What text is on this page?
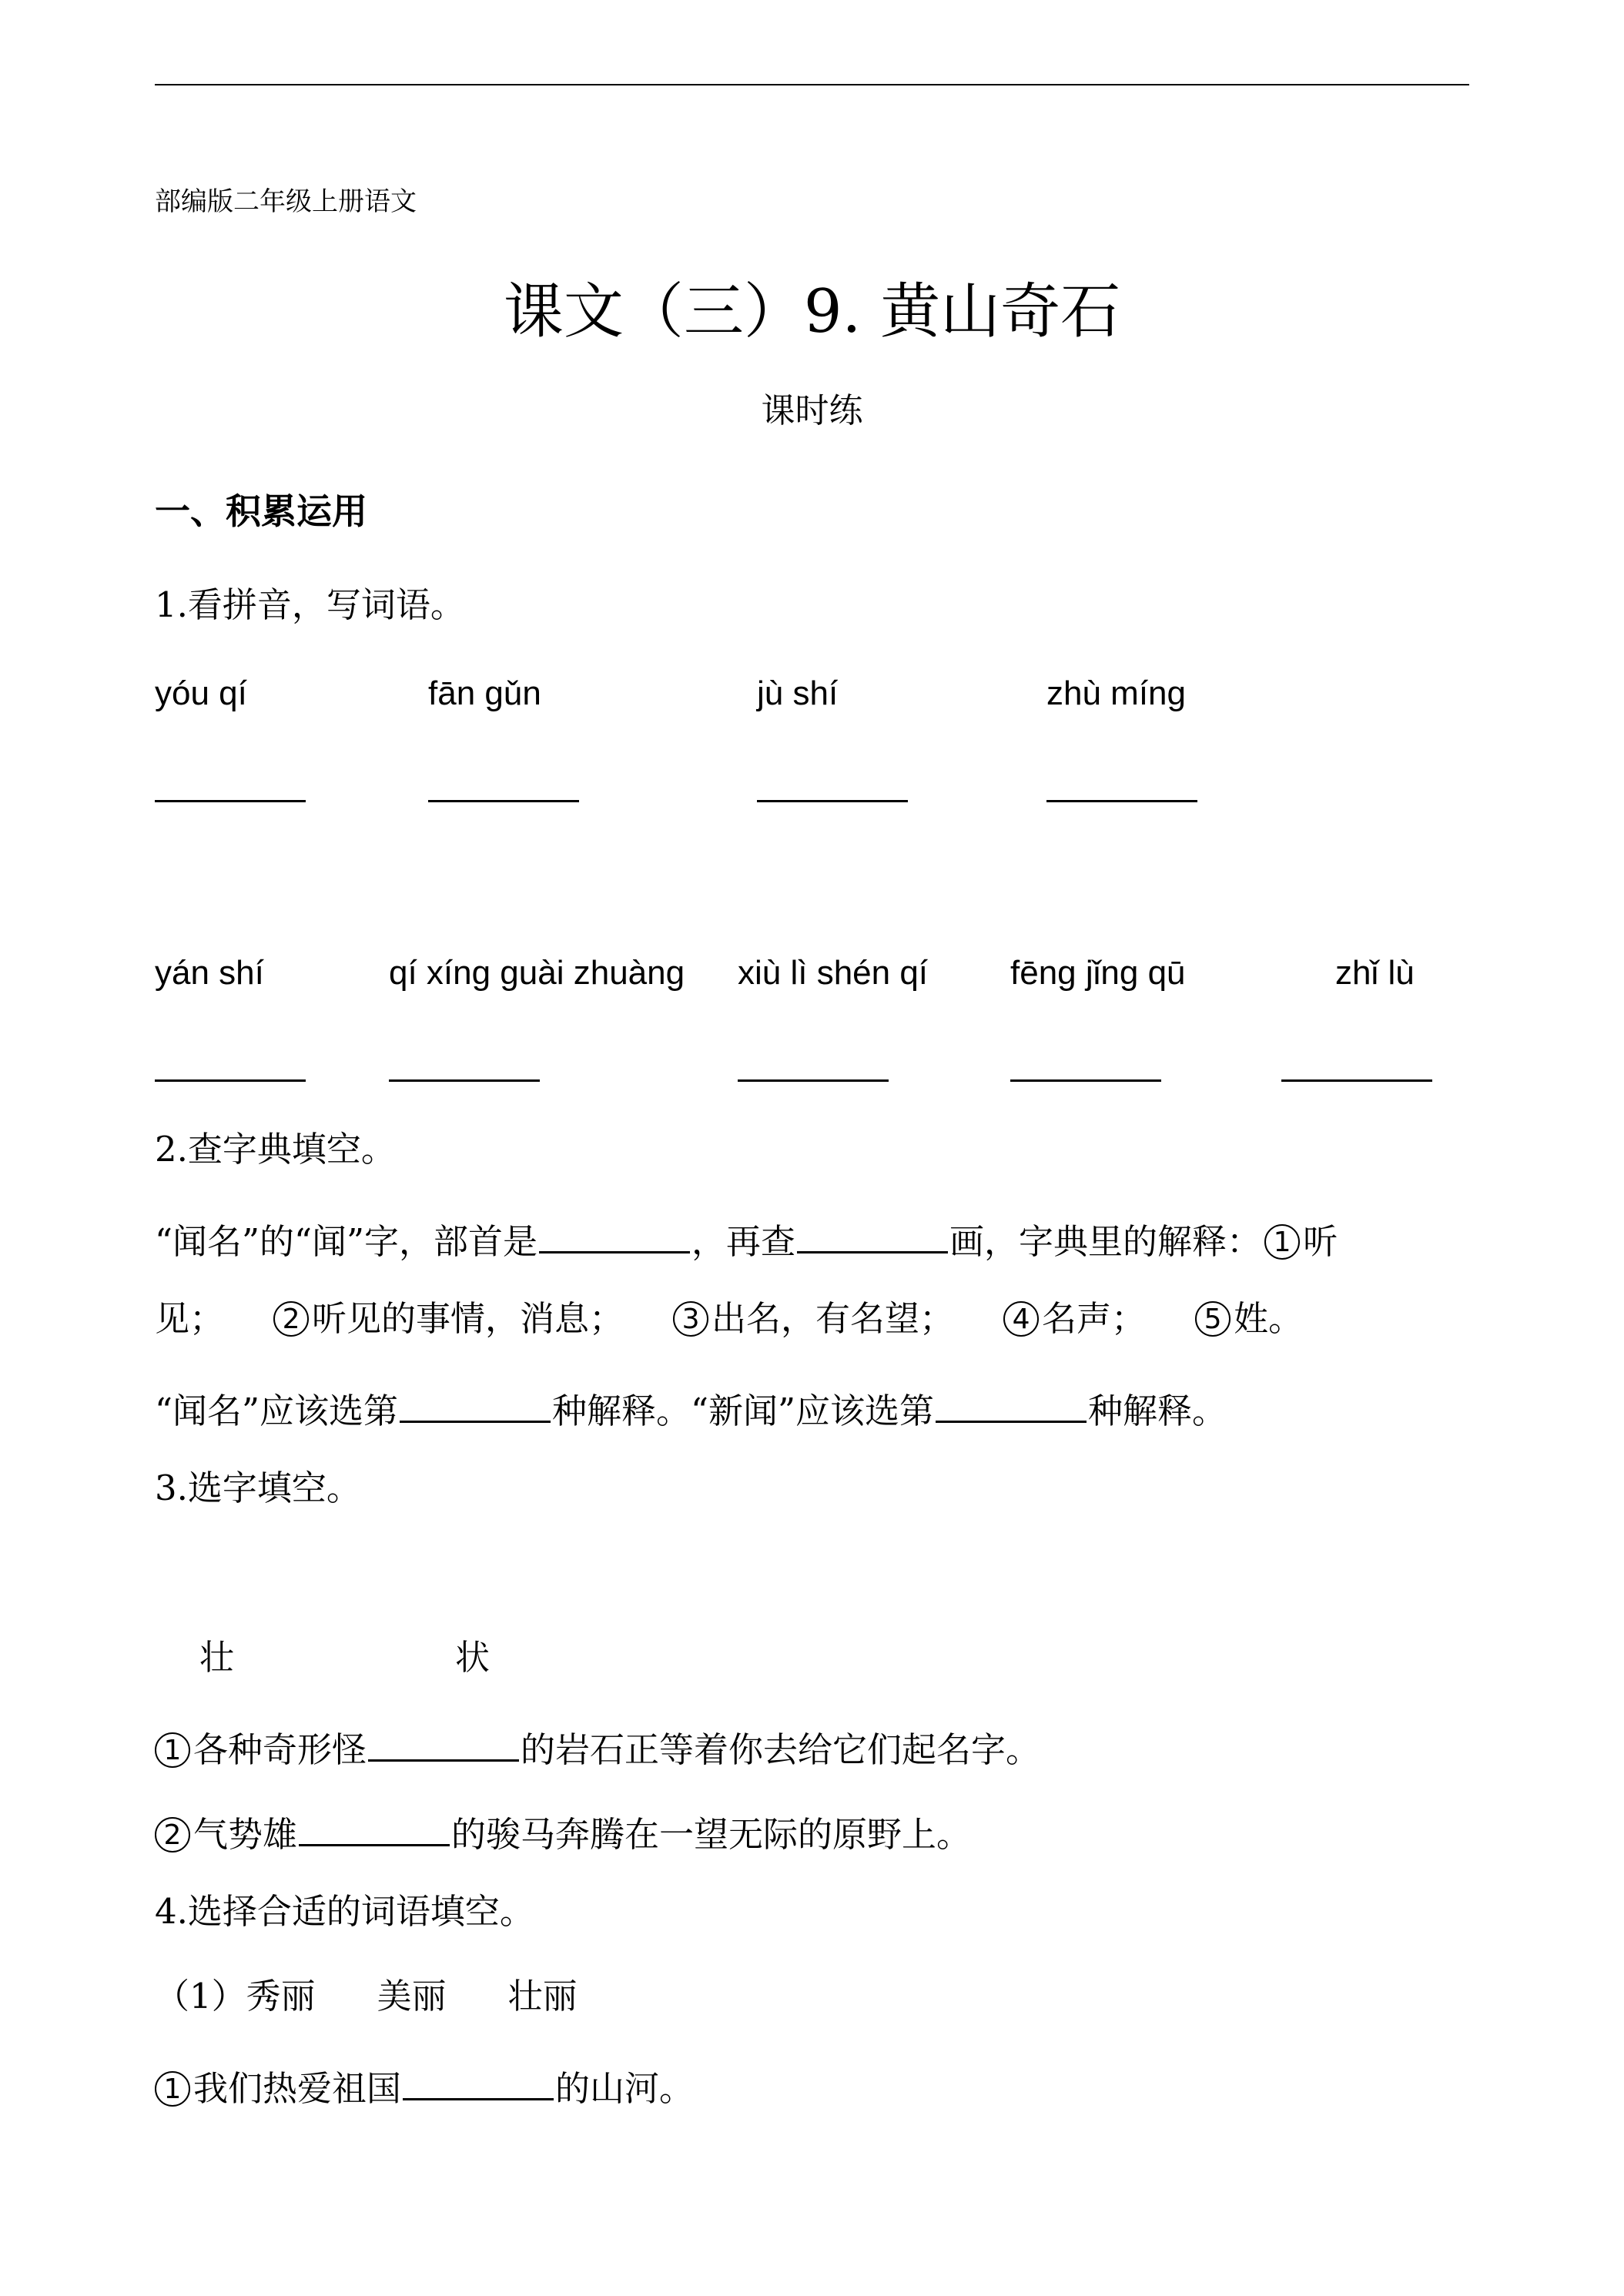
部编版二年级上册语文
课文（三）9. 黄山奇石
课时练
一、积累运用
1.看拼音，写词语。
yóu qí	fān gǔn	jù shí	zhù míng
yán shí	qí xíng guài zhuàng xiù lì shén qí fēng jǐng qū	zhǐ lù
2.查字典填空。
“闻名”的“闻”字，部首是	，再查	画，字典里的解释： 1 听
见； 2 听见的事情，消息； 3 出名，有名望； 4 名声； 5 姓。
“闻名”应该选第	种解释。“新闻”应该选第	种解释。
3.选字填空。
壮	状
1 各种奇形怪	的岩石正等着你去给它们起名字。
2 气势雄	的骏马奔腾在一望无际的原野上。
4.选择合适的词语填空。
（1）秀丽 美丽 壮丽
1 我们热爱祖国	的山河。
